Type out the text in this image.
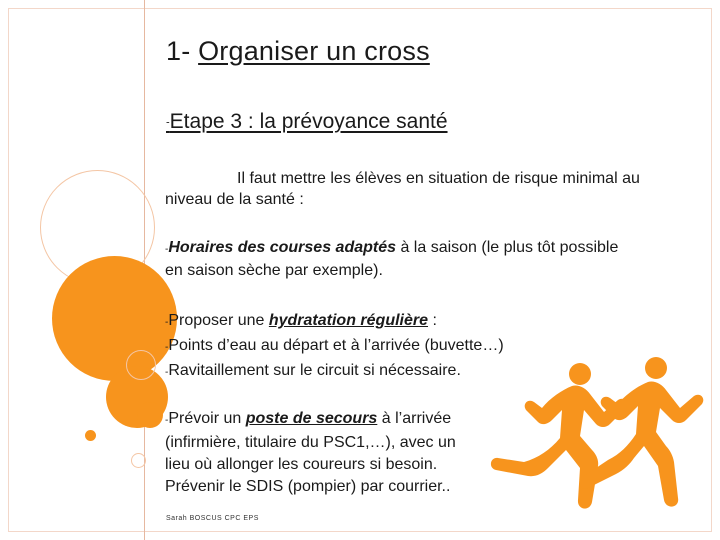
1- Organiser un cross
-Etape 3 : la prévoyance santé
Il faut mettre les élèves en situation de risque minimal au
niveau de la santé :
-Horaires des courses adaptés à la saison (le plus tôt possible
en saison sèche par exemple).
-Proposer une hydratation régulière :
-Points d’eau au départ et à l’arrivée (buvette…)
-Ravitaillement sur le circuit si nécessaire.
-Prévoir un poste de secours à l’arrivée
(infirmière, titulaire du PSC1,…), avec un
lieu où allonger les coureurs si besoin.
Prévenir le SDIS (pompier) par courrier..
Sarah BOSCUS CPC EPS
